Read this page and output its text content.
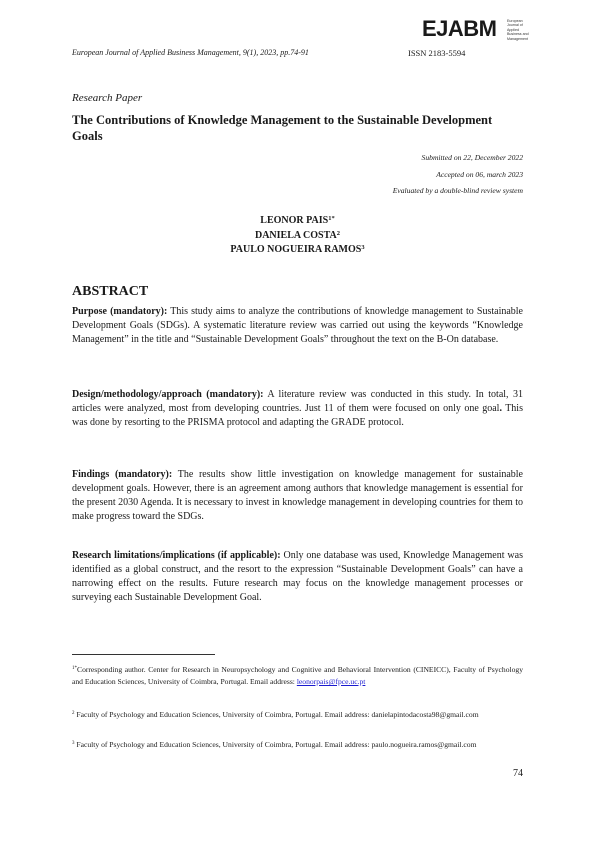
EJABM	European Journal of Applied Business and Management
European Journal of Applied Business Management, 9(1), 2023, pp.74-91	ISSN 2183-5594
Research Paper
The Contributions of Knowledge Management to the Sustainable Development Goals
Submitted on 22, December 2022
Accepted on 06, march 2023
Evaluated by a double-blind review system
LEONOR $PAIS^{1*}$
DANIELA COSTA$^2$
PAULO NOGUEIRA RAMOS$^3$
ABSTRACT

Purpose (mandatory): This study aims to analyze the contributions of knowledge management to Sustainable Development Goals (SDGs). A systematic literature review was carried out using the keywords “Knowledge Management” in the title and “Sustainable Development Goals” throughout the text on the B-On database.

Design/methodology/approach (mandatory): A literature review was conducted in this study. In total, 31 articles were analyzed, most from developing countries. Just 11 of them were focused on only one goal. This was done by resorting to the PRISMA protocol and adapting the GRADE protocol.

Findings (mandatory): The results show little investigation on knowledge management for sustainable development goals. However, there is an agreement among authors that knowledge management is essential for the present 2030 Agenda. It is necessary to invest in knowledge management in developing countries for them to make progress toward the SDGs.

Research limitations/implications (if applicable): Only one database was used, Knowledge Management was identified as a global construct, and the resort to the expression “Sustainable Development Goals” can have a narrowing effect on the results. Future research may focus on the knowledge management processes or surveying each Sustainable Development Goal.

$^{1*}$Corresponding author. Center for Research in Neuropsychology and Cognitive and Behavioral Intervention (CINEICC), Faculty of Psychology and Education Sciences, University of Coimbra, Portugal. Email address: leonorpais@fpce.uc.pt

$^2$ Faculty of Psychology and Education Sciences, University of Coimbra, Portugal. Email address: danielapintodacosta98@gmail.com

$^3$ Faculty of Psychology and Education Sciences, University of Coimbra, Portugal. Email address: paulo.nogueira.ramos@gmail.com

74
